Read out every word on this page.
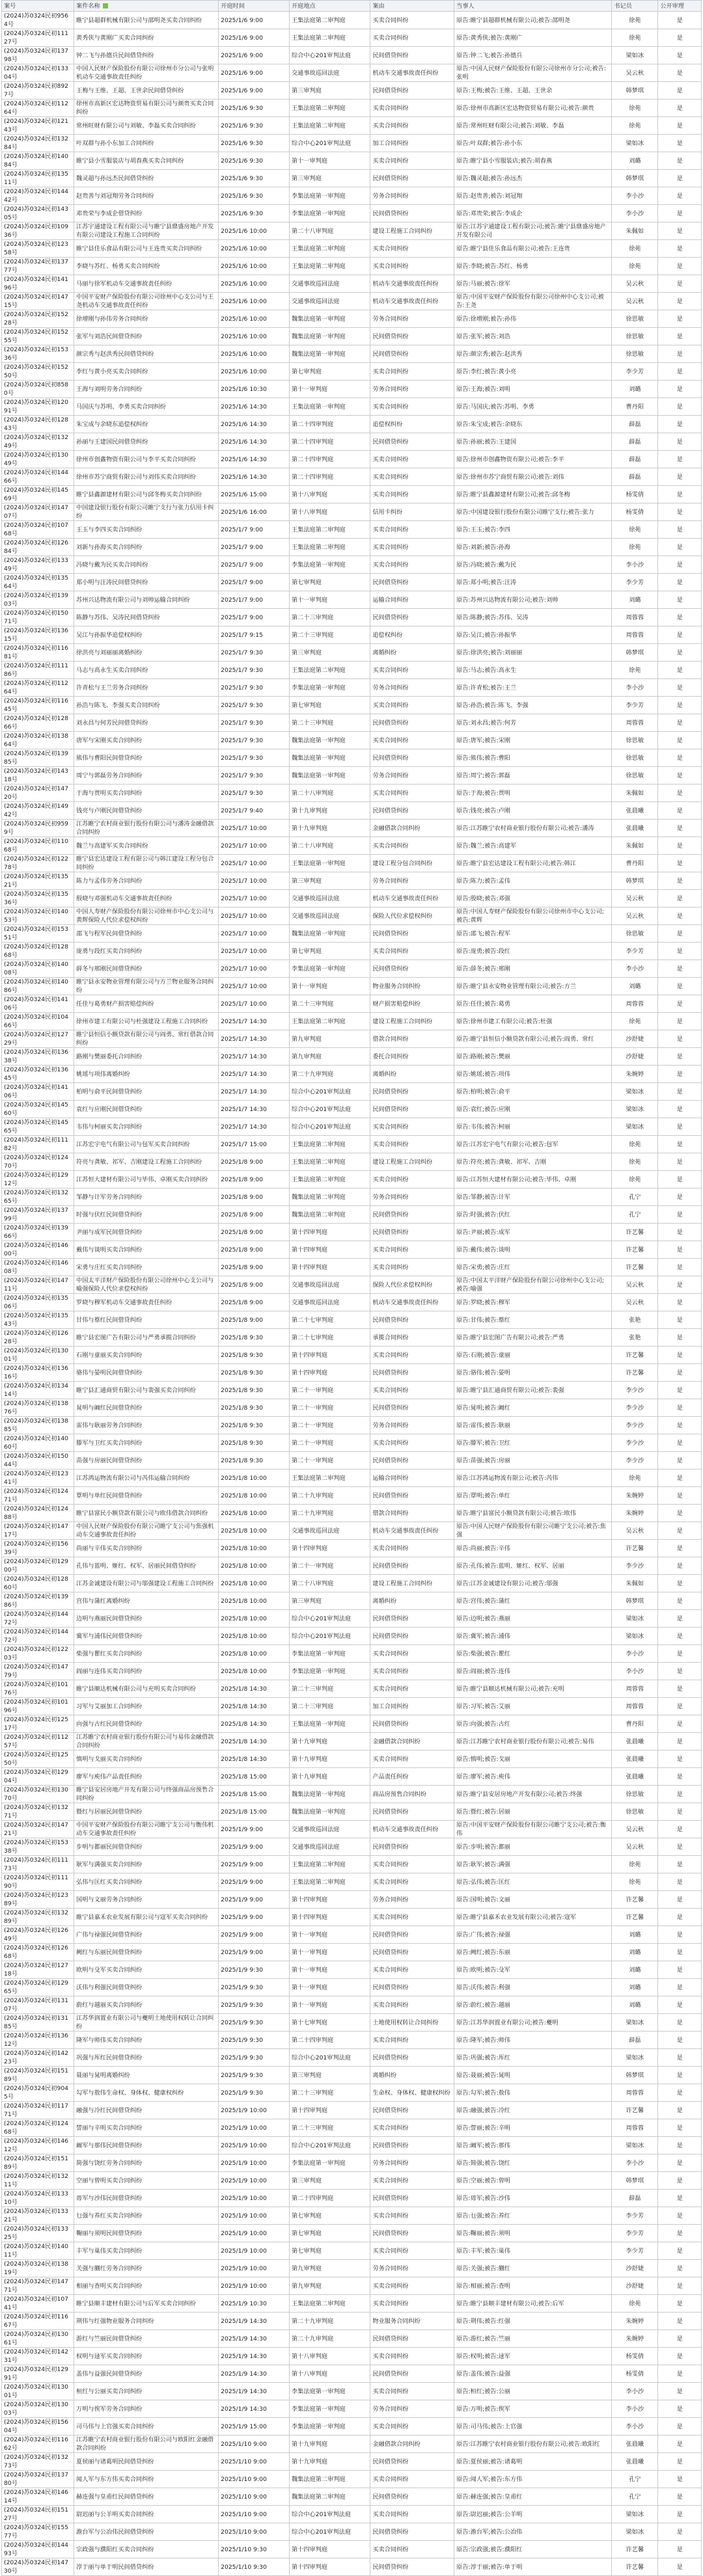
案号	案件名称	开庭时间	开庭地点	案由	当事人	书记员	公开审理
(2024)苏0324民初9564号	睢宁县超群机械有限公司与邵明尧买卖合同纠纷	2025/1/6 9:00	王集法庭第二审判庭	买卖合同纠纷	原告:睢宁县超群机械有限公司;被告:邵明尧	徐苑	是
(2024)苏0324民初11127号	黄秀侠与黄刚广买卖合同纠纷	2025/1/6 9:00	王集法庭第二审判庭	买卖合同纠纷	原告:黄秀侠;被告:黄刚广	徐苑	是
(2024)苏0324民初13798号	钟二飞与孙德兵民间借贷纠纷	2025/1/6 9:00	综合中心201审判法庭	民间借贷纠纷	原告:钟二飞;被告:孙德兵	梁如冰	是
(2024)苏0324民初13304号	中国人民财产保险股份有限公司徐州市分公司与张明机动车交通事故责任纠纷	2025/1/6 9:00	交通事故巡回法庭	机动车交通事故责任纠纷	原告:中国人民财产保险股份有限公司徐州市分公司;被告:张明	吴云秋	是
(2024)苏0324民初8927号	王梅与王维、王超、王世余民间借贷纠纷	2025/1/6 9:00	第三审判庭	民间借贷纠纷	原告:王梅;被告:王维、王超、王世余	韩梦琪	是
(2024)苏0324民初11264号	徐州市高新区宏达物资贸易有限公司与颜贵买卖合同纠纷	2025/1/6 9:30	王集法庭第二审判庭	买卖合同纠纷	原告:徐州市高新区宏达物资贸易有限公司;被告:颜贵	徐苑	是
(2024)苏0324民初12143号	常州旺财有限公司与刘敏、李磊买卖合同纠纷	2025/1/6 9:30	王集法庭第二审判庭	买卖合同纠纷	原告:常州旺财有限公司;被告:刘敏、李磊	徐苑	是
(2024)苏0324民初13284号	叶双群与孙小东加工合同纠纷	2025/1/6 9:30	综合中心201审判法庭	加工合同纠纷	原告:叶双群;被告:孙小东	梁如冰	是
(2024)苏0324民初14084号	睢宁县小雪服装店与胡春燕买卖合同纠纷	2025/1/6 9:30	第十一审判庭	买卖合同纠纷	原告:睢宁县小雪服装店;被告:胡春燕	刘璐	是
(2024)苏0324民初13511号	魏灵超与孙远杰民间借贷纠纷	2025/1/6 9:30	第三审判庭	民间借贷纠纷	原告:魏灵超;被告:孙远杰	韩梦琪	是
(2024)苏0324民初14442号	赵贵善与刘冠翔劳务合同纠纷	2025/1/6 9:30	李集法庭第一审判庭	劳务合同纠纷	原告:赵贵善;被告:刘冠翔	李小沙	是
(2024)苏0324民初14305号	邓贵荣与李成企借贷纠纷	2025/1/6 9:30	李集法庭第一审判庭	民间借贷纠纷	原告:邓贵荣;被告:李成企	李小沙	是
(2024)苏0324民初10936号	江苏宇通建设工程有限公司与睢宁县鼎盛房地产开发有限公司建设工程施工合同纠纷	2025/1/6 10:00	第二十八审判庭	建设工程施工合同纠纷	原告:江苏宇通建设工程有限公司;被告:睢宁县鼎盛房地产开发有限公司	朱佩如	是
(2024)苏0324民初12358号	睢宁县佳乐食品有限公司与王连贵买卖合同纠纷	2025/1/6 10:00	王集法庭第二审判庭	买卖合同纠纷	原告:睢宁县佳乐食品有限公司;被告:王连贵	徐苑	是
(2024)苏0324民初13777号	李晓与苏红、杨勇买卖合同纠纷	2025/1/6 10:00	王集法庭第二审判庭	买卖合同纠纷	原告:李晓;被告:苏红、杨勇	徐苑	是
(2024)苏0324民初14196号	马丽与徐军机动车交通事故责任纠纷	2025/1/6 10:00	交通事故巡回法庭	机动车交通事故责任纠纷	原告:马丽;被告:徐军	吴云秋	是
(2024)苏0324民初14715号	中国平安财产保险股份有限公司徐州中心支公司与王尧机动车交通事故责任纠纷	2025/1/6 10:00	交通事故巡回法庭	机动车交通事故责任纠纷	原告:中国平安财产保险股份有限公司徐州中心支公司;被告:王尧	吴云秋	是
(2024)苏0324民初15228号	徐增刚与孙伟劳务合同纠纷	2025/1/6 10:00	魏集法庭第一审判庭	劳务合同纠纷	原告:徐增刚;被告:孙伟	徐思敏	是
(2024)苏0324民初15255号	张军与刘浩民间借贷纠纷	2025/1/6 10:00	魏集法庭第一审判庭	民间借贷纠纷	原告:张军;被告:刘浩	徐思敏	是
(2024)苏0324民初15336号	颜宗秀与赵洪秀民间借贷纠纷	2025/1/6 10:00	魏集法庭第一审判庭	民间借贷纠纷	原告:颜宗秀;被告:赵洪秀	徐思敏	是
(2024)苏0324民初15250号	李红与黄小亮买卖合同纠纷	2025/1/6 10:00	第七审判庭	买卖合同纠纷	原告:李红;被告:黄小亮	李少芳	是
(2024)苏0324民初8580号	王海与刘明劳务合同纠纷	2025/1/6 10:30	第十一审判庭	劳务合同纠纷	原告:王海;被告:刘明	刘璐	是
(2024)苏0324民初12091号	马国庆与苏明、李勇买卖合同纠纷	2025/1/6 14:30	王集法庭第一审判庭	买卖合同纠纷	原告:马国庆;被告:苏明、李勇	曹丹阳	是
(2024)苏0324民初12843号	朱宝成与余晓东追偿权纠纷	2025/1/6 14:30	第二十四审判庭	追偿权纠纷	原告:朱宝成;被告:余晓东	薛磊	是
(2024)苏0324民初13249号	孙丽与王建国民间借贷纠纷	2025/1/6 14:30	第二十四审判庭	民间借贷纠纷	原告:孙丽;被告:王建国	薛磊	是
(2024)苏0324民初13049号	徐州市创鑫物资有限公司与李平买卖合同纠纷	2025/1/6 14:30	第二十四审判庭	买卖合同纠纷	原告:徐州市创鑫物资有限公司;被告:李平	薛磊	是
(2024)苏0324民初14466号	徐州市苏宁商贸有限公司与刘伟买卖合同纠纷	2025/1/6 14:30	第二十四审判庭	买卖合同纠纷	原告:徐州市苏宁商贸有限公司;被告:刘伟	薛磊	是
(2024)苏0324民初14569号	睢宁县鑫源建材有限公司与邱冬梅买卖合同纠纷	2025/1/6 15:00	第十八审判庭	买卖合同纠纷	原告:睢宁县鑫源建材有限公司;被告:邱冬梅	杨雯倩	是
(2024)苏0324民初14707号	中国建设银行股份有限公司睢宁支行与张力信用卡纠纷	2025/1/6 16:00	第十八审判庭	信用卡纠纷	原告:中国建设银行股份有限公司睢宁支行;被告:张力	杨雯倩	是
(2024)苏0324民初10768号	王玉与李四买卖合同纠纷	2025/1/7 9:00	王集法庭第二审判庭	买卖合同纠纷	原告:王玉;被告:李四	徐苑	是
(2024)苏0324民初12684号	刘新与孙海买卖合同纠纷	2025/1/7 9:00	王集法庭第二审判庭	买卖合同纠纷	原告:刘新;被告:孙海	徐苑	是
(2024)苏0324民初13349号	冯晓与戴为民买卖合同纠纷	2025/1/7 9:00	李集法庭第一审判庭	买卖合同纠纷	原告:冯晓;被告:戴为民	李小沙	是
(2024)苏0324民初13564号	郑小明与汪涛民间借贷纠纷	2025/1/7 9:00	第七审判庭	民间借贷纠纷	原告:郑小明;被告:汪涛	李少芳	是
(2024)苏0324民初13903号	苏州兴达物流有限公司与刘帅运输合同纠纷	2025/1/7 9:00	第十一审判庭	运输合同纠纷	原告:苏州兴达物流有限公司;被告:刘帅	刘璐	是
(2024)苏0324民初15071号	陈静与苏伟、吴涛民间借贷纠纷	2025/1/7 9:00	第二十三审判庭	民间借贷纠纷	原告:陈静;被告:苏伟、吴涛	周蓉蓉	是
(2024)苏0324民初13615号	吴江与孙振华追偿权纠纷	2025/1/7 9:15	第二十三审判庭	追偿权纠纷	原告:吴江;被告:孙振华	周蓉蓉	是
(2024)苏0324民初11681号	徐洪亮与刘丽丽离婚纠纷	2025/1/7 9:30	第三审判庭	离婚纠纷	原告:徐洪亮;被告:刘丽丽	韩梦琪	是
(2024)苏0324民初11186号	马志与高永生买卖合同纠纷	2025/1/7 9:30	王集法庭第二审判庭	买卖合同纠纷	原告:马志;被告:高永生	徐苑	是
(2024)苏0324民初11264号	许青松与王兰劳务合同纠纷	2025/1/7 9:30	李集法庭第一审判庭	劳务合同纠纷	原告:许青松;被告:王兰	李小沙	是
(2024)苏0324民初11645号	孙浩与陈飞、李强买卖合同纠纷	2025/1/7 9:30	第七审判庭	买卖合同纠纷	原告:孙浩;被告:陈飞、李强	李少芳	是
(2024)苏0324民初12866号	刘永昌与何芳民间借贷纠纷	2025/1/7 9:30	第二十三审判庭	民间借贷纠纷	原告:刘永昌;被告:何芳	周蓉蓉	是
(2024)苏0324民初13864号	唐军与宋刚买卖合同纠纷	2025/1/7 9:30	魏集法庭第一审判庭	买卖合同纠纷	原告:唐军;被告:宋刚	徐思敏	是
(2024)苏0324民初13985号	熊伟与曹阳民间借贷纠纷	2025/1/7 9:30	魏集法庭第一审判庭	民间借贷纠纷	原告:熊伟;被告:曹阳	徐思敏	是
(2024)苏0324民初14318号	周宁与郭磊劳务合同纠纷	2025/1/7 9:30	魏集法庭第一审判庭	劳务合同纠纷	原告:周宁;被告:郭磊	徐思敏	是
(2024)苏0324民初14720号	于海与贾明买卖合同纠纷	2025/1/7 9:30	第二十八审判庭	买卖合同纠纷	原告:于海;被告:贾明	朱佩如	是
(2024)苏0324民初14942号	钱亮与卢刚民间借贷纠纷	2025/1/7 9:40	第十九审判庭	民间借贷纠纷	原告:钱亮;被告:卢刚	张晨曦	是
(2024)苏0324民初9599号	江苏睢宁农村商业银行股份有限公司与潘涛金融借款合同纠纷	2025/1/7 10:00	第十九审判庭	金融借款合同纠纷	原告:江苏睢宁农村商业银行股份有限公司;被告:潘涛	张晨曦	是
(2024)苏0324民初11068号	魏兰与高建军买卖合同纠纷	2025/1/7 10:00	第二十八审判庭	买卖合同纠纷	原告:魏兰;被告:高建军	朱佩如	是
(2024)苏0324民初12278号	睢宁县宏达建设工程有限公司与韩江建设工程分包合同纠纷	2025/1/7 10:00	王集法庭第一审判庭	建设工程分包合同纠纷	原告:睢宁县宏达建设工程有限公司;被告:韩江	曹丹阳	是
(2024)苏0324民初13521号	陈力与孟伟劳务合同纠纷	2025/1/7 10:00	第三审判庭	劳务合同纠纷	原告:陈力;被告:孟伟	韩梦琪	是
(2024)苏0324民初13536号	殷晓与邓强机动车交通事故责任纠纷	2025/1/7 10:00	交通事故巡回法庭	机动车交通事故责任纠纷	原告:殷晓;被告:邓强	吴云秋	是
(2024)苏0324民初14053号	中国人寿财产保险股份有限公司徐州市中心支公司与黄辉保险人代位求偿权纠纷	2025/1/7 10:00	交通事故巡回法庭	保险人代位求偿权纠纷	原告:中国人寿财产保险股份有限公司徐州市中心支公司;被告:黄辉	吴云秋	是
(2024)苏0324民初15351号	邵飞与程军民间借贷纠纷	2025/1/7 10:00	魏集法庭第一审判庭	民间借贷纠纷	原告:邵飞;被告:程军	徐思敏	是
(2024)苏0324民初12868号	庞勇与段红买卖合同纠纷	2025/1/7 10:00	第七审判庭	买卖合同纠纷	原告:庞勇;被告:段红	李少芳	是
(2024)苏0324民初14008号	薛冬与邢刚民间借贷纠纷	2025/1/7 10:00	李集法庭第一审判庭	民间借贷纠纷	原告:薛冬;被告:邢刚	李小沙	是
(2024)苏0324民初14086号	睢宁县永安物业管理有限公司与方兰物业服务合同纠纷	2025/1/7 10:00	第十一审判庭	物业服务合同纠纷	原告:睢宁县永安物业管理有限公司;被告:方兰	刘璐	是
(2024)苏0324民初14106号	任佳与葛勇财产损害赔偿纠纷	2025/1/7 10:00	第二十三审判庭	财产损害赔偿纠纷	原告:任佳;被告:葛勇	周蓉蓉	是
(2024)苏0324民初10466号	徐州市建工有限公司与杜强建设工程施工合同纠纷	2025/1/7 14:30	王集法庭第二审判庭	建设工程施工合同纠纷	原告:徐州市建工有限公司;被告:杜强	徐苑	是
(2024)苏0324民初12729号	睢宁县恒信小额贷款有限公司与阎勇、常红借款合同纠纷	2025/1/7 14:30	第九审判庭	借款合同纠纷	原告:睢宁县恒信小额贷款有限公司;被告:阎勇、常红	沙舒婕	是
(2024)苏0324民初13638号	路刚与樊丽委托合同纠纷	2025/1/7 14:30	第九审判庭	委托合同纠纷	原告:路刚;被告:樊丽	沙舒婕	是
(2024)苏0324民初13645号	姚瑶与项伟离婚纠纷	2025/1/7 14:30	第二十九审判庭	离婚纠纷	原告:姚瑶;被告:项伟	朱婉婷	是
(2024)苏0324民初14106号	柏明与俞平民间借贷纠纷	2025/1/7 14:30	综合中心201审判法庭	民间借贷纠纷	原告:柏明;被告:俞平	梁如冰	是
(2024)苏0324民初14560号	袁红与应刚民间借贷纠纷	2025/1/7 14:30	综合中心201审判法庭	民间借贷纠纷	原告:袁红;被告:应刚	梁如冰	是
(2024)苏0324民初14565号	韦伟与柯丽买卖合同纠纷	2025/1/7 14:30	综合中心201审判法庭	买卖合同纠纷	原告:韦伟;被告:柯丽	梁如冰	是
(2024)苏0324民初11182号	江苏宏宇电气有限公司与包军买卖合同纠纷	2025/1/7 15:00	王集法庭第二审判庭	买卖合同纠纷	原告:江苏宏宇电气有限公司;被告:包军	徐苑	是
(2024)苏0324民初12470号	符亮与龚敏、祁军、吉刚建设工程施工合同纠纷	2025/1/8 9:00	王集法庭第二审判庭	建设工程施工合同纠纷	原告:符亮;被告:龚敏、祁军、吉刚	徐苑	是
(2024)苏0324民初12912号	江苏恒大建材有限公司与毕伟、卓刚买卖合同纠纷	2025/1/8 9:00	王集法庭第二审判庭	买卖合同纠纷	原告:江苏恒大建材有限公司;被告:毕伟、卓刚	徐苑	是
(2024)苏0324民初13265号	邹静与计军劳务合同纠纷	2025/1/8 9:00	魏集法庭第二审判庭	劳务合同纠纷	原告:邹静;被告:计军	孔宁	是
(2024)苏0324民初13799号	时强与伏红民间借贷纠纷	2025/1/8 9:00	魏集法庭第二审判庭	民间借贷纠纷	原告:时强;被告:伏红	孔宁	是
(2024)苏0324民初13966号	尹丽与成军民间借贷纠纷	2025/1/8 9:00	第十四审判庭	民间借贷纠纷	原告:尹丽;被告:成军	许艺馨	是
(2024)苏0324民初14600号	戴伟与谈明买卖合同纠纷	2025/1/8 9:00	第十四审判庭	买卖合同纠纷	原告:戴伟;被告:谈明	许艺馨	是
(2024)苏0324民初14608号	宋勇与庄红买卖合同纠纷	2025/1/8 9:00	第十四审判庭	买卖合同纠纷	原告:宋勇;被告:庄红	许艺馨	是
(2024)苏0324民初14711号	中国太平洋财产保险股份有限公司徐州中心支公司与喻强保险人代位求偿权纠纷	2025/1/8 9:00	交通事故巡回法庭	保险人代位求偿权纠纷	原告:中国太平洋财产保险股份有限公司徐州中心支公司;被告:喻强	吴云秋	是
(2024)苏0324民初13506号	罗晓与穆军机动车交通事故责任纠纷	2025/1/8 9:00	交通事故巡回法庭	机动车交通事故责任纠纷	原告:罗晓;被告:穆军	吴云秋	是
(2024)苏0324民初13543号	甘伟与蔡红民间借贷纠纷	2025/1/8 9:00	第二十七审判庭	民间借贷纠纷	原告:甘伟;被告:蔡红	张艳	是
(2024)苏0324民初12628号	睢宁县宏图广告有限公司与严勇承揽合同纠纷	2025/1/8 9:30	第二十七审判庭	承揽合同纠纷	原告:睢宁县宏图广告有限公司;被告:严勇	张艳	是
(2024)苏0324民初13001号	石刚与童丽买卖合同纠纷	2025/1/8 9:30	第十四审判庭	买卖合同纠纷	原告:石刚;被告:童丽	许艺馨	是
(2024)苏0324民初13616号	骆伟与晏明民间借贷纠纷	2025/1/8 9:30	第十四审判庭	民间借贷纠纷	原告:骆伟;被告:晏明	许艺馨	是
(2024)苏0324民初13414号	睢宁县汇通商贸有限公司与裴强买卖合同纠纷	2025/1/8 9:30	第二十一审判庭	买卖合同纠纷	原告:睢宁县汇通商贸有限公司;被告:裴强	李少沙	是
(2024)苏0324民初13876号	晁明与阚红民间借贷纠纷	2025/1/8 9:30	第二十一审判庭	民间借贷纠纷	原告:晁明;被告:阚红	李少沙	是
(2024)苏0324民初13885号	雷伟与耿丽劳务合同纠纷	2025/1/8 9:30	第二十一审判庭	劳务合同纠纷	原告:雷伟;被告:耿丽	李少沙	是
(2024)苏0324民初14060号	滕军与卫红买卖合同纠纷	2025/1/8 9:30	第二十一审判庭	买卖合同纠纷	原告:滕军;被告:卫红	李少沙	是
(2024)苏0324民初15044号	苗强与房丽民间借贷纠纷	2025/1/8 9:30	第二十一审判庭	民间借贷纠纷	原告:苗强;被告:房丽	李少沙	是
(2024)苏0324民初12341号	江苏鸿运物流有限公司与芮伟运输合同纠纷	2025/1/8 10:00	王集法庭第二审判庭	运输合同纠纷	原告:江苏鸿运物流有限公司;被告:芮伟	徐苑	是
(2024)苏0324民初12471号	覃明与单红民间借贷纠纷	2025/1/8 10:00	第二十九审判庭	民间借贷纠纷	原告:覃明;被告:单红	朱婉婷	是
(2024)苏0324民初12488号	睢宁县富民小额贷款有限公司与欧伟借款合同纠纷	2025/1/8 10:00	第二十九审判庭	借款合同纠纷	原告:睢宁县富民小额贷款有限公司;被告:欧伟	朱婉婷	是
(2024)苏0324民初14717号	中国人民财产保险股份有限公司睢宁支公司与焦强机动车交通事故责任纠纷	2025/1/8 10:00	交通事故巡回法庭	机动车交通事故责任纠纷	原告:中国人民财产保险股份有限公司睢宁支公司;被告:焦强	吴云秋	是
(2024)苏0324民初15639号	尚丽与辛伟买卖合同纠纷	2025/1/8 10:00	第十四审判庭	买卖合同纠纷	原告:尚丽;被告:辛伟	许艺馨	是
(2024)苏0324民初12900号	孔伟与蓝明、姬红、权军、居丽民间借贷纠纷	2025/1/8 10:00	第二十一审判庭	民间借贷纠纷	原告:孔伟;被告:蓝明、姬红、权军、居丽	李少沙	是
(2024)苏0324民初12860号	江苏金诚建设有限公司与邬强建设工程施工合同纠纷	2025/1/8 10:00	第二十八审判庭	建设工程施工合同纠纷	原告:江苏金诚建设有限公司;被告:邬强	朱佩如	是
(2024)苏0324民初13986号	宫伟与蒲红离婚纠纷	2025/1/8 10:00	第三审判庭	离婚纠纷	原告:宫伟;被告:蒲红	韩梦琪	是
(2024)苏0324民初14472号	边明与燕丽民间借贷纠纷	2025/1/8 10:00	综合中心201审判法庭	民间借贷纠纷	原告:边明;被告:燕丽	梁如冰	是
(2024)苏0324民初14472号	冀军与浦伟民间借贷纠纷	2025/1/8 10:00	综合中心201审判法庭	民间借贷纠纷	原告:冀军;被告:浦伟	梁如冰	是
(2024)苏0324民初12203号	柴强与瞿红买卖合同纠纷	2025/1/8 10:00	李集法庭第一审判庭	买卖合同纠纷	原告:柴强;被告:瞿红	李小沙	是
(2024)苏0324民初14779号	阎丽与连伟买卖合同纠纷	2025/1/8 10:00	李集法庭第一审判庭	买卖合同纠纷	原告:阎丽;被告:连伟	李小沙	是
(2024)苏0324民初10176号	睢宁县顺达机械有限公司与充明买卖合同纠纷	2025/1/8 14:30	第二十三审判庭	买卖合同纠纷	原告:睢宁县顺达机械有限公司;被告:充明	周蓉蓉	是
(2024)苏0324民初10196号	习军与艾丽加工合同纠纷	2025/1/8 14:30	第二十三审判庭	加工合同纠纷	原告:习军;被告:艾丽	周蓉蓉	是
(2024)苏0324民初12517号	向强与古红民间借贷纠纷	2025/1/8 14:30	王集法庭第一审判庭	民间借贷纠纷	原告:向强;被告:古红	曹丹阳	是
(2024)苏0324民初11257号	江苏睢宁农村商业银行股份有限公司与易伟金融借款合同纠纷	2025/1/8 14:30	第十九审判庭	金融借款合同纠纷	原告:江苏睢宁农村商业银行股份有限公司;被告:易伟	张晨曦	是
(2024)苏0324民初12550号	慎明与戈丽买卖合同纠纷	2025/1/8 14:30	第十九审判庭	买卖合同纠纷	原告:慎明;被告:戈丽	张晨曦	是
(2024)苏0324民初12904号	廖军与庾伟产品责任纠纷	2025/1/8 15:00	第十九审判庭	产品责任纠纷	原告:廖军;被告:庾伟	张晨曦	是
(2024)苏0324民初13070号	睢宁县安居房地产开发有限公司与终强商品房预售合同纠纷	2025/1/8 15:00	魏集法庭第一审判庭	商品房预售合同纠纷	原告:睢宁县安居房地产开发有限公司;被告:终强	徐思敏	是
(2024)苏0324民初13271号	暨红与居丽民间借贷纠纷	2025/1/8 15:00	魏集法庭第一审判庭	民间借贷纠纷	原告:暨红;被告:居丽	徐思敏	是
(2024)苏0324民初14721号	中国平安财产保险股份有限公司睢宁支公司与衡伟机动车交通事故责任纠纷	2025/1/9 9:00	交通事故巡回法庭	机动车交通事故责任纠纷	原告:中国平安财产保险股份有限公司睢宁支公司;被告:衡伟	吴云秋	是
(2024)苏0324民初15338号	步明与都丽民间借贷纠纷	2025/1/9 9:00	交通事故巡回法庭	民间借贷纠纷	原告:步明;被告:都丽	吴云秋	是
(2024)苏0324民初11173号	耿军与满强买卖合同纠纷	2025/1/9 9:00	王集法庭第二审判庭	买卖合同纠纷	原告:耿军;被告:满强	徐苑	是
(2024)苏0324民初11190号	弘伟与匡红买卖合同纠纷	2025/1/9 9:00	王集法庭第二审判庭	买卖合同纠纷	原告:弘伟;被告:匡红	徐苑	是
(2024)苏0324民初12389号	国明与文丽劳务合同纠纷	2025/1/9 9:00	第十四审判庭	劳务合同纠纷	原告:国明;被告:文丽	许艺馨	是
(2024)苏0324民初13289号	睢宁县嘉禾农业发展有限公司与寇军买卖合同纠纷	2025/1/9 9:00	第十四审判庭	买卖合同纠纷	原告:睢宁县嘉禾农业发展有限公司;被告:寇军	许艺馨	是
(2024)苏0324民初12649号	广伟与禄强民间借贷纠纷	2025/1/9 9:00	第十一审判庭	民间借贷纠纷	原告:广伟;被告:禄强	刘璐	是
(2024)苏0324民初12668号	阙红与东丽民间借贷纠纷	2025/1/9 9:00	第十一审判庭	民间借贷纠纷	原告:阙红;被告:东丽	刘璐	是
(2024)苏0324民初12718号	欧明与殳军买卖合同纠纷	2025/1/9 9:30	第十一审判庭	买卖合同纠纷	原告:欧明;被告:殳军	刘璐	是
(2024)苏0324民初12965号	沃伟与利强民间借贷纠纷	2025/1/9 9:30	第十一审判庭	民间借贷纠纷	原告:沃伟;被告:利强	刘璐	是
(2024)苏0324民初13107号	蔚红与越丽买卖合同纠纷	2025/1/9 9:30	第十一审判庭	买卖合同纠纷	原告:蔚红;被告:越丽	刘璐	是
(2024)苏0324民初13185号	江苏华润置业有限公司与夔明土地使用权转让合同纠纷	2025/1/9 9:30	第十七审判庭	土地使用权转让合同纠纷	原告:江苏华润置业有限公司;被告:夔明	梁如冰	是
(2024)苏0324民初13612号	隆军与师伟买卖合同纠纷	2025/1/9 9:30	第二十四审判庭	买卖合同纠纷	原告:隆军;被告:师伟	薛磊	是
(2024)苏0324民初14223号	巩强与厍红民间借贷纠纷	2025/1/9 9:30	综合中心201审判法庭	民间借贷纠纷	原告:巩强;被告:厍红	梁如冰	是
(2024)苏0324民初15189号	聂丽与晁明离婚纠纷	2025/1/9 9:30	第三审判庭	离婚纠纷	原告:聂丽;被告:晁明	韩梦琪	是
(2024)苏0324民初9045号	勾军与敖伟生命权、身体权、健康权纠纷	2025/1/9 9:30	第二十三审判庭	生命权、身体权、健康权纠纷	原告:勾军;被告:敖伟	周蓉蓉	是
(2024)苏0324民初11771号	融强与冷红民间借贷纠纷	2025/1/9 10:00	第十四审判庭	民间借贷纠纷	原告:融强;被告:冷红	许艺馨	是
(2024)苏0324民初12468号	訾丽与辛明买卖合同纠纷	2025/1/9 10:00	第二十三审判庭	买卖合同纠纷	原告:訾丽;被告:辛明	周蓉蓉	是
(2024)苏0324民初14612号	阚军与那伟民间借贷纠纷	2025/1/9 10:00	综合中心201审判法庭	民间借贷纠纷	原告:阚军;被告:那伟	梁如冰	是
(2024)苏0324民初15189号	简强与饶红劳务合同纠纷	2025/1/9 10:00	李集法庭第一审判庭	劳务合同纠纷	原告:简强;被告:饶红	李小沙	是
(2024)苏0324民初13211号	空丽与曾明买卖合同纠纷	2025/1/9 10:00	第三审判庭	买卖合同纠纷	原告:空丽;被告:曾明	韩梦琪	是
(2024)苏0324民初13310号	毋军与沙伟民间借贷纠纷	2025/1/9 10:00	第二十四审判庭	民间借贷纠纷	原告:毋军;被告:沙伟	薛磊	是
(2024)苏0324民初13321号	乜强与养红买卖合同纠纷	2025/1/9 10:00	第七审判庭	买卖合同纠纷	原告:乜强;被告:养红	李少芳	是
(2024)苏0324民初13325号	鞠丽与须明民间借贷纠纷	2025/1/9 10:00	第七审判庭	民间借贷纠纷	原告:鞠丽;被告:须明	李少芳	是
(2024)苏0324民初14011号	丰军与巢伟买卖合同纠纷	2025/1/9 10:00	第七审判庭	买卖合同纠纷	原告:丰军;被告:巢伟	李少芳	是
(2024)苏0324民初13819号	关强与蒯红劳务合同纠纷	2025/1/9 10:00	第九审判庭	劳务合同纠纷	原告:关强;被告:蒯红	沙舒婕	是
(2024)苏0324民初14771号	相丽与查明买卖合同纠纷	2025/1/9 10:00	第九审判庭	买卖合同纠纷	原告:相丽;被告:查明	沙舒婕	是
(2024)苏0324民初10741号	睢宁县顺丰建材有限公司与后军买卖合同纠纷	2025/1/9 10:30	王集法庭第二审判庭	买卖合同纠纷	原告:睢宁县顺丰建材有限公司;被告:后军	徐苑	是
(2024)苏0324民初11667号	荆伟与红强物业服务合同纠纷	2025/1/9 14:30	第二十九审判庭	物业服务合同纠纷	原告:荆伟;被告:红强	朱婉婷	是
(2024)苏0324民初13061号	游红与竺丽民间借贷纠纷	2025/1/9 14:30	第二十九审判庭	民间借贷纠纷	原告:游红;被告:竺丽	朱婉婷	是
(2024)苏0324民初14231号	权明与逯军买卖合同纠纷	2025/1/9 14:30	第十八审判庭	买卖合同纠纷	原告:权明;被告:逯军	杨雯倩	是
(2024)苏0324民初12991号	盖伟与益强民间借贷纠纷	2025/1/9 14:30	第十八审判庭	民间借贷纠纷	原告:盖伟;被告:益强	杨雯倩	是
(2024)苏0324民初13001号	桓红与公丽买卖合同纠纷	2025/1/9 14:30	李集法庭第一审判庭	买卖合同纠纷	原告:桓红;被告:公丽	李小沙	是
(2024)苏0324民初13003号	万明与俟军劳务合同纠纷	2025/1/9 14:30	李集法庭第一审判庭	劳务合同纠纷	原告:万明;被告:俟军	李小沙	是
(2024)苏0324民初15604号	司马伟与上官强买卖合同纠纷	2025/1/9 15:00	李集法庭第一审判庭	买卖合同纠纷	原告:司马伟;被告:上官强	李小沙	是
(2024)苏0324民初11662号	江苏睢宁农村商业银行股份有限公司与欧阳红金融借款合同纠纷	2025/1/10 9:00	第十九审判庭	金融借款合同纠纷	原告:江苏睢宁农村商业银行股份有限公司;被告:欧阳红	张晨曦	是
(2024)苏0324民初13273号	夏侯丽与诸葛明民间借贷纠纷	2025/1/10 9:00	第十九审判庭	民间借贷纠纷	原告:夏侯丽;被告:诸葛明	张晨曦	是
(2024)苏0324民初13780号	闻人军与东方伟买卖合同纠纷	2025/1/10 9:00	魏集法庭第二审判庭	买卖合同纠纷	原告:闻人军;被告:东方伟	孔宁	是
(2024)苏0324民初14614号	赫连强与皇甫红民间借贷纠纷	2025/1/10 9:00	魏集法庭第二审判庭	民间借贷纠纷	原告:赫连强;被告:皇甫红	孔宁	是
(2024)苏0324民初15127号	尉迟丽与公羊明买卖合同纠纷	2025/1/10 9:00	综合中心201审判法庭	买卖合同纠纷	原告:尉迟丽;被告:公羊明	梁如冰	是
(2024)苏0324民初15577号	澹台军与公冶伟民间借贷纠纷	2025/1/10 9:00	综合中心201审判法庭	民间借贷纠纷	原告:澹台军;被告:公冶伟	梁如冰	是
(2024)苏0324民初14493号	宗政强与濮阳红买卖合同纠纷	2025/1/10 9:30	第十四审判庭	买卖合同纠纷	原告:宗政强;被告:濮阳红	许艺馨	是
(2024)苏0324民初14730号	淳于丽与单于明民间借贷纠纷	2025/1/10 9:30	第十四审判庭	民间借贷纠纷	原告:淳于丽;被告:单于明	许艺馨	是
